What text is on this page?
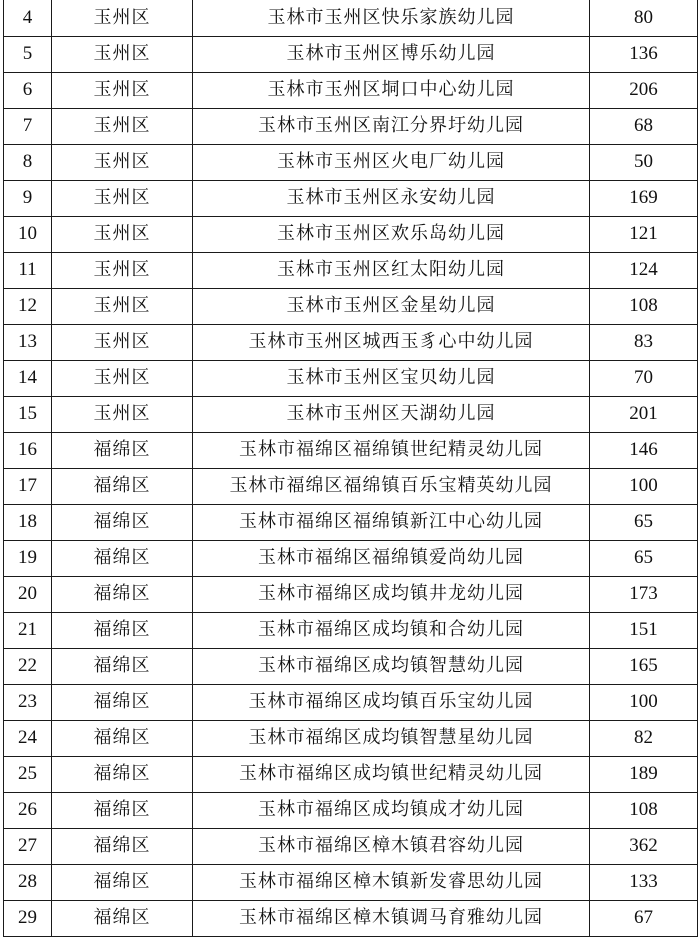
4	玉州区	玉林市玉州区快乐家族幼儿园	80
5	玉州区	玉林市玉州区博乐幼儿园	136
6	玉州区	玉林市玉州区垌口中心幼儿园	206
7	玉州区	玉林市玉州区南江分界圩幼儿园	68
8	玉州区	玉林市玉州区火电厂幼儿园	50
9	玉州区	玉林市玉州区永安幼儿园	169
10	玉州区	玉林市玉州区欢乐岛幼儿园	121
11	玉州区	玉林市玉州区红太阳幼儿园	124
12	玉州区	玉林市玉州区金星幼儿园	108
13	玉州区	玉林市玉州区城西玉豸心中幼儿园	83
14	玉州区	玉林市玉州区宝贝幼儿园	70
15	玉州区	玉林市玉州区天湖幼儿园	201
16	福绵区	玉林市福绵区福绵镇世纪精灵幼儿园	146
17	福绵区	玉林市福绵区福绵镇百乐宝精英幼儿园	100
18	福绵区	玉林市福绵区福绵镇新江中心幼儿园	65
19	福绵区	玉林市福绵区福绵镇爱尚幼儿园	65
20	福绵区	玉林市福绵区成均镇井龙幼儿园	173
21	福绵区	玉林市福绵区成均镇和合幼儿园	151
22	福绵区	玉林市福绵区成均镇智慧幼儿园	165
23	福绵区	玉林市福绵区成均镇百乐宝幼儿园	100
24	福绵区	玉林市福绵区成均镇智慧星幼儿园	82
25	福绵区	玉林市福绵区成均镇世纪精灵幼儿园	189
26	福绵区	玉林市福绵区成均镇成才幼儿园	108
27	福绵区	玉林市福绵区樟木镇君容幼儿园	362
28	福绵区	玉林市福绵区樟木镇新发睿思幼儿园	133
29	福绵区	玉林市福绵区樟木镇调马育雅幼儿园	67
